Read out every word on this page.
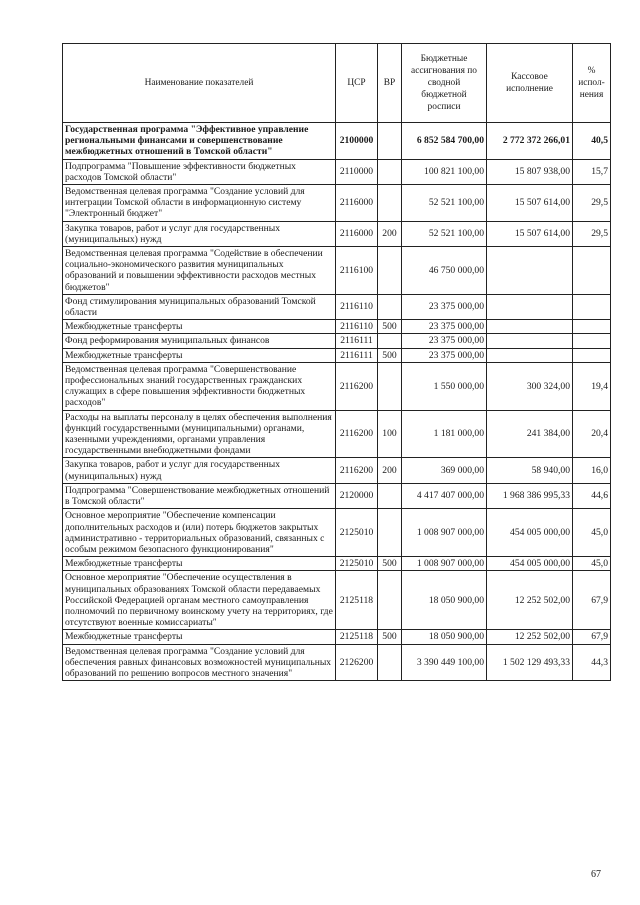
Наименование показателей	ЦСР	ВР	Бюджетные ассигнования по сводной бюджетной росписи	Кассовое исполнение	% испол-нения
Государственная программа "Эффективное управление региональными финансами и совершенствование межбюджетных отношений в Томской области"	2100000		6 852 584 700,00	2 772 372 266,01	40,5
Подпрограмма "Повышение эффективности бюджетных расходов Томской области"	2110000		100 821 100,00	15 807 938,00	15,7
Ведомственная целевая программа "Создание условий для интеграции Томской области в информационную систему "Электронный бюджет"	2116000		52 521 100,00	15 507 614,00	29,5
Закупка товаров, работ и услуг для государственных (муниципальных) нужд	2116000	200	52 521 100,00	15 507 614,00	29,5
Ведомственная целевая программа "Содействие в обеспечении социально-экономического развития муниципальных образований и повышении эффективности расходов местных бюджетов"	2116100		46 750 000,00		
Фонд стимулирования муниципальных образований Томской области	2116110		23 375 000,00		
Межбюджетные трансферты	2116110	500	23 375 000,00		
Фонд реформирования муниципальных финансов	2116111		23 375 000,00		
Межбюджетные трансферты	2116111	500	23 375 000,00		
Ведомственная целевая программа "Совершенствование профессиональных знаний государственных гражданских служащих в сфере повышения эффективности бюджетных расходов"	2116200		1 550 000,00	300 324,00	19,4
Расходы на выплаты персоналу в целях обеспечения выполнения функций государственными (муниципальными) органами, казенными учреждениями, органами управления государственными внебюджетными фондами	2116200	100	1 181 000,00	241 384,00	20,4
Закупка товаров, работ и услуг для государственных (муниципальных) нужд	2116200	200	369 000,00	58 940,00	16,0
Подпрограмма "Совершенствование межбюджетных отношений в Томской области"	2120000		4 417 407 000,00	1 968 386 995,33	44,6
Основное мероприятие "Обеспечение компенсации дополнительных расходов и (или) потерь бюджетов закрытых административно - территориальных образований, связанных с особым режимом безопасного функционирования"	2125010		1 008 907 000,00	454 005 000,00	45,0
Межбюджетные трансферты	2125010	500	1 008 907 000,00	454 005 000,00	45,0
Основное мероприятие "Обеспечение осуществления в муниципальных образованиях Томской области передаваемых Российской Федерацией органам местного самоуправления полномочий по первичному воинскому учету на территориях, где отсутствуют военные комиссариаты"	2125118		18 050 900,00	12 252 502,00	67,9
Межбюджетные трансферты	2125118	500	18 050 900,00	12 252 502,00	67,9
Ведомственная целевая программа "Создание условий для обеспечения равных финансовых возможностей муниципальных образований по решению вопросов местного значения"	2126200		3 390 449 100,00	1 502 129 493,33	44,3
67
